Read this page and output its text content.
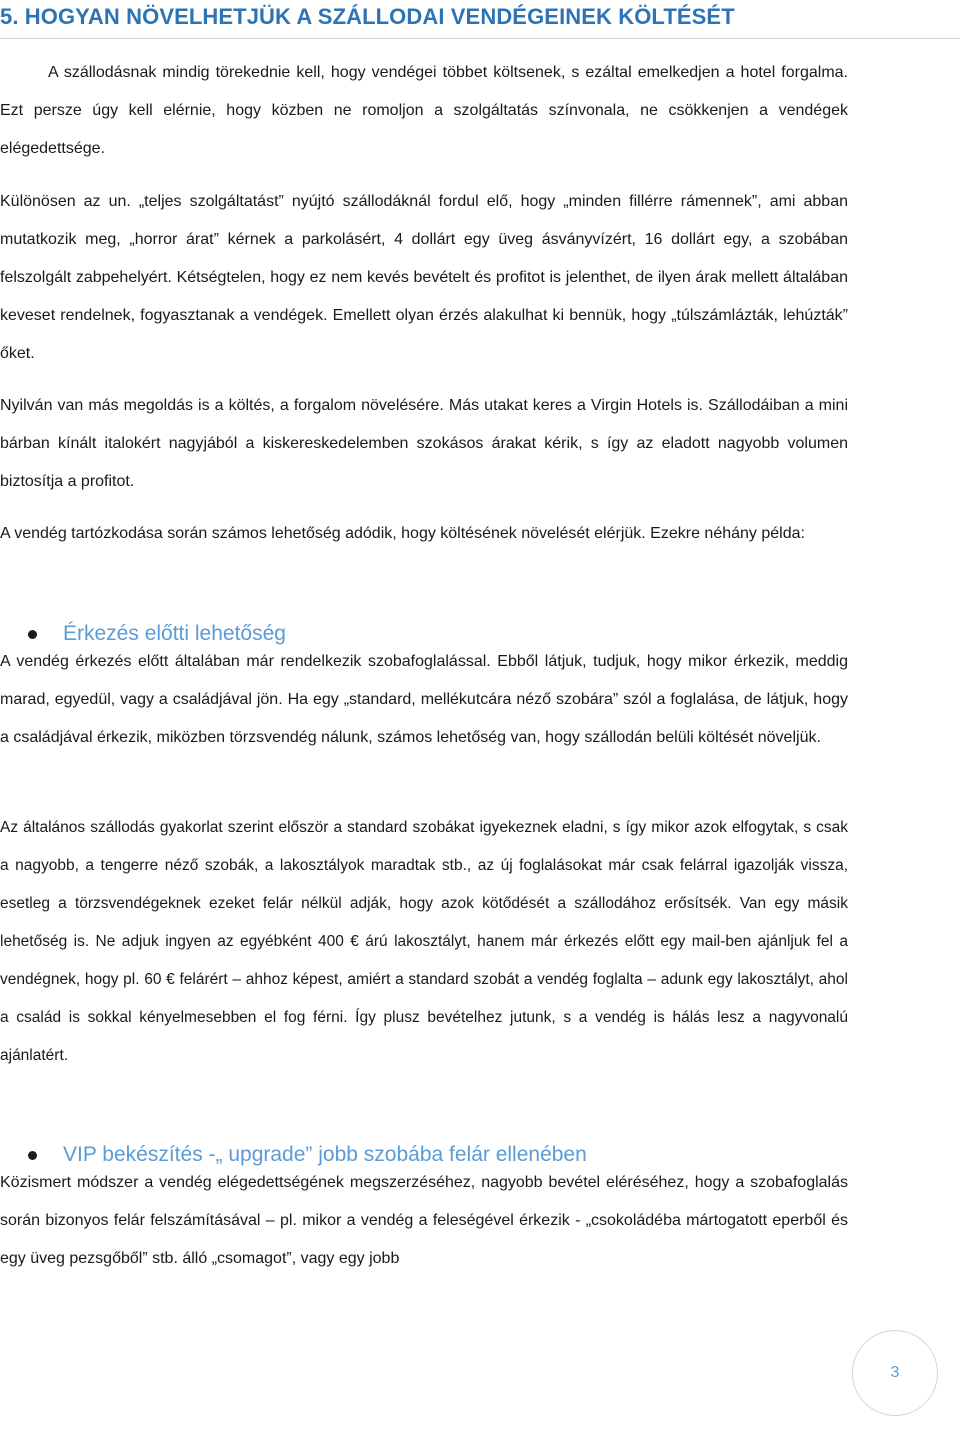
5. HOGYAN NÖVELHETJÜK A SZÁLLODAI VENDÉGEINEK KÖLTÉSÉT

A szállodásnak mindig törekednie kell, hogy vendégei többet költsenek, s ezáltal emelkedjen a hotel forgalma. Ezt persze úgy kell elérnie, hogy közben ne romoljon a szolgáltatás színvonala, ne csökkenjen a vendégek elégedettsége.

Különösen az un. „teljes szolgáltatást” nyújtó szállodáknál fordul elő, hogy „minden fillérre rámennek”, ami abban mutatkozik meg, „horror árat” kérnek a parkolásért, 4 dollárt egy üveg ásványvízért, 16 dollárt egy, a szobában felszolgált zabpehelyért. Kétségtelen, hogy ez nem kevés bevételt és profitot is jelenthet, de ilyen árak mellett általában keveset rendelnek, fogyasztanak a vendégek. Emellett olyan érzés alakulhat ki bennük, hogy „túlszámlázták, lehúzták” őket.

Nyilván van más megoldás is a költés, a forgalom növelésére. Más utakat keres a Virgin Hotels is. Szállodáiban a mini bárban kínált italokért nagyjából a kiskereskedelemben szokásos árakat kérik, s így az eladott nagyobb volumen biztosítja a profitot.

A vendég tartózkodása során számos lehetőség adódik, hogy költésének növelését elérjük. Ezekre néhány példa:

Érkezés előtti lehetőség

A vendég érkezés előtt általában már rendelkezik szobafoglalással. Ebből látjuk, tudjuk, hogy mikor érkezik, meddig marad, egyedül, vagy a családjával jön. Ha egy „standard, mellékutcára néző szobára” szól a foglalása, de látjuk, hogy a családjával érkezik, miközben törzsvendég nálunk, számos lehetőség van, hogy szállodán belüli költését növeljük.

Az általános szállodás gyakorlat szerint először a standard szobákat igyekeznek eladni, s így mikor azok elfogytak, s csak a nagyobb, a tengerre néző szobák, a lakosztályok maradtak stb., az új foglalásokat már csak felárral igazolják vissza, esetleg a törzsvendégeknek ezeket felár nélkül adják, hogy azok kötődését a szállodához erősítsék. Van egy másik lehetőség is. Ne adjuk ingyen az egyébként 400 € árú lakosztályt, hanem már érkezés előtt egy mail-ben ajánljuk fel a vendégnek, hogy pl. 60 € felárért – ahhoz képest, amiért a standard szobát a vendég foglalta – adunk egy lakosztályt, ahol a család is sokkal kényelmesebben el fog férni. Így plusz bevételhez jutunk, s a vendég is hálás lesz a nagyvonalú ajánlatért.

VIP bekészítés -„ upgrade” jobb szobába felár ellenében

Közismert módszer a vendég elégedettségének megszerzéséhez, nagyobb bevétel eléréséhez, hogy a szobafoglalás során bizonyos felár felszámításával – pl. mikor a vendég a feleségével érkezik - „csokoládéba mártogatott eperből és egy üveg pezsgőből” stb. álló „csomagot”, vagy egy jobb

3
